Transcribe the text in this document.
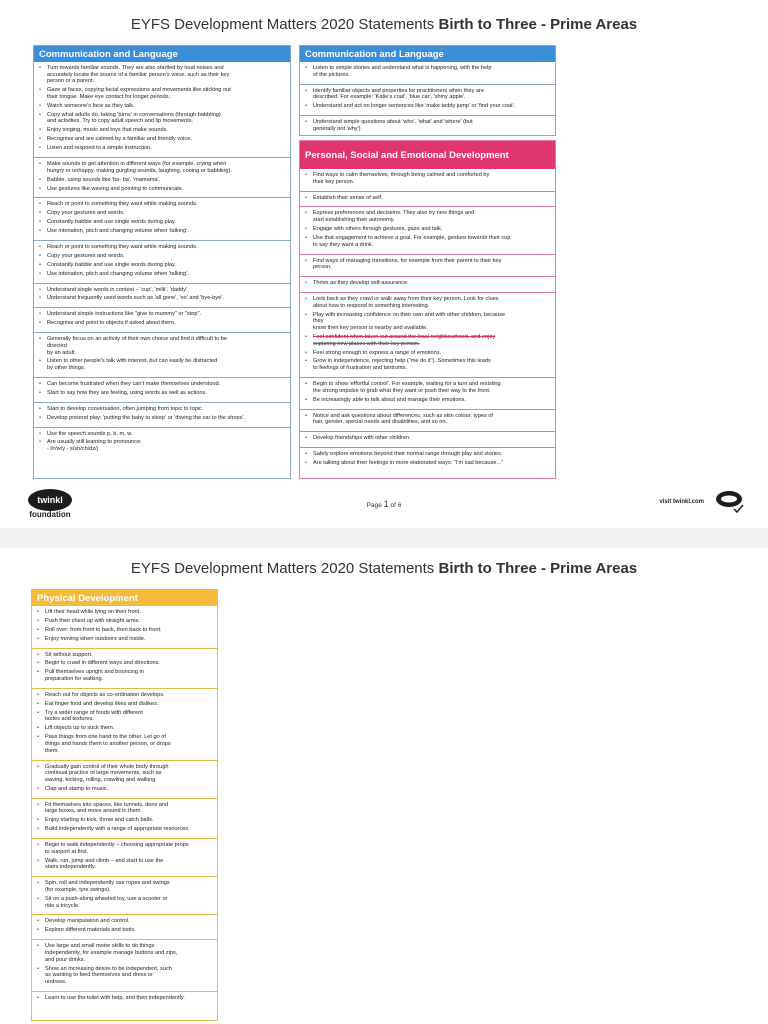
EYFS Development Matters 2020 Statements Birth to Three - Prime Areas
Communication and Language
• Turn towards familiar sounds. They are also startled by loud noises and
accurately locate the source of a familiar person's voice, such as their key
person or a parent.
• Gaze at faces, copying facial expressions and movements like sticking out
their tongue. Make eye contact for longer periods.
• Watch someone's face as they talk.
• Copy what adults do, taking 'turns' in conversations (through babbling)
and activities. Try to copy adult speech and lip movements.
• Enjoy singing, music and toys that make sounds.
• Recognise and are calmed by a familiar and friendly voice.
• Listen and respond to a simple instruction.
• Make sounds to get attention in different ways (for example, crying when
hungry or unhappy, making gurgling sounds, laughing, cooing or babbling).
• Babble, using sounds like 'ba- ba', 'mamama'.
• Use gestures like waving and pointing to communicate.
• Reach or point to something they want while making sounds.
• Copy your gestures and words.
• Constantly babble and use single words during play.
• Use intonation, pitch and changing volume when 'talking'.
• Reach or point to something they want while making sounds.
• Copy your gestures and words.
• Constantly babble and use single words during play.
• Use intonation, pitch and changing volume when 'talking'.
• Understand single words in context – 'cup', 'milk', 'daddy'.
• Understand frequently used words such as 'all gone', 'no' and 'bye-bye'.
• Understand simple instructions like "give to mummy" or "stop".
• Recognise and point to objects if asked about them.
• Generally focus on an activity of their own choice and find it difficult to be
directed
by an adult.
• Listen to other people's talk with interest, but can easily be distracted
by other things.
• Can become frustrated when they can't make themselves understood.
• Start to say how they are feeling, using words as well as actions.
• Start to develop conversation, often jumping from topic to topic.
• Develop pretend play: 'putting the baby to sleep' or 'driving the car to the shops'.
• Use the speech sounds p, b, m, w.
• Are usually still learning to pronounce:
- l/r/w/y - s/sh/ch/dz/j
Communication and Language
• Listen to simple stories and understand what is happening, with the help
of the pictures.
• Identify familiar objects and properties for practitioners when they are
described. For example: 'Katie's coat', 'blue car', 'shiny apple'.
• Understand and act on longer sentences like 'make teddy jump' or 'find your coat'.
• Understand simple questions about 'who', 'what' and 'where' (but
generally not 'why').
Personal, Social and Emotional Development
• Find ways to calm themselves, through being calmed and comforted by
their key person.
• Establish their sense of self.
• Express preferences and decisions. They also try new things and
start establishing their autonomy.
• Engage with others through gestures, gaze and talk.
• Use that engagement to achieve a goal. For example, gesture towards their cup
to say they want a drink.
• Find ways of managing transitions, for example from their parent to their key
person.
• Thrive as they develop self-assurance.
• Look back as they crawl or walk away from their key person. Look for clues
about how to respond to something interesting.
• Play with increasing confidence on their own and with other children, because
they
know their key person is nearby and available.
• Feel confident when taken out around the local neighbourhood, and enjoy
exploring new places with their key person.
• Feel strong enough to express a range of emotions.
• Grow in independence, rejecting help ("me do it"). Sometimes this leads
to feelings of frustration and tantrums.
• Begin to show 'effortful control'. For example, waiting for a turn and resisting
the strong impulse to grab what they want or push their way to the front.
• Be increasingly able to talk about and manage their emotions.
• Notice and ask questions about differences, such as skin colour, types of
hair, gender, special needs and disabilities, and so on.
• Develop friendships with other children.
• Safely explore emotions beyond their normal range through play and stories.
• Are talking about their feelings in more elaborated ways: "I'm sad because..."
twinkl
foundation
Page 1 of 6	visit twinkl.com
EYFS Development Matters 2020 Statements Birth to Three - Prime Areas
Physical Development
• Lift their head while lying on their front.
• Push their chest up with straight arms.
• Roll over: from front to back, then back to front.
• Enjoy moving when outdoors and inside.
• Sit without support.
• Begin to crawl in different ways and directions.
• Pull themselves upright and bouncing in
preparation for walking.
• Reach out for objects as co-ordination develops.
• Eat finger food and develop likes and dislikes.
• Try a wider range of foods with different
tastes and textures.
• Lift objects up to suck them.
• Pass things from one hand to the other. Let go of
things and hands them to another person, or drops
them.
• Gradually gain control of their whole body through
continual practice of large movements, such as
waving, kicking, rolling, crawling and walking.
• Clap and stamp to music.
• Fit themselves into spaces, like tunnels, dens and
large boxes, and move around in them.
• Enjoy starting to kick, throw and catch balls.
• Build independently with a range of appropriate resources.
• Begin to walk independently – choosing appropriate props
to support at first.
• Walk, run, jump and climb – and start to use the
stairs independently.
• Spin, roll and independently use ropes and swings
(for example, tyre swings).
• Sit on a push-along wheeled toy, use a scooter or
ride a tricycle.
• Develop manipulation and control.
• Explore different materials and tools.
• Use large and small motor skills to do things
independently, for example manage buttons and zips,
and pour drinks.
• Show an increasing desire to be independent, such
as wanting to feed themselves and dress or
undress.
• Learn to use the toilet with help, and then independently.
